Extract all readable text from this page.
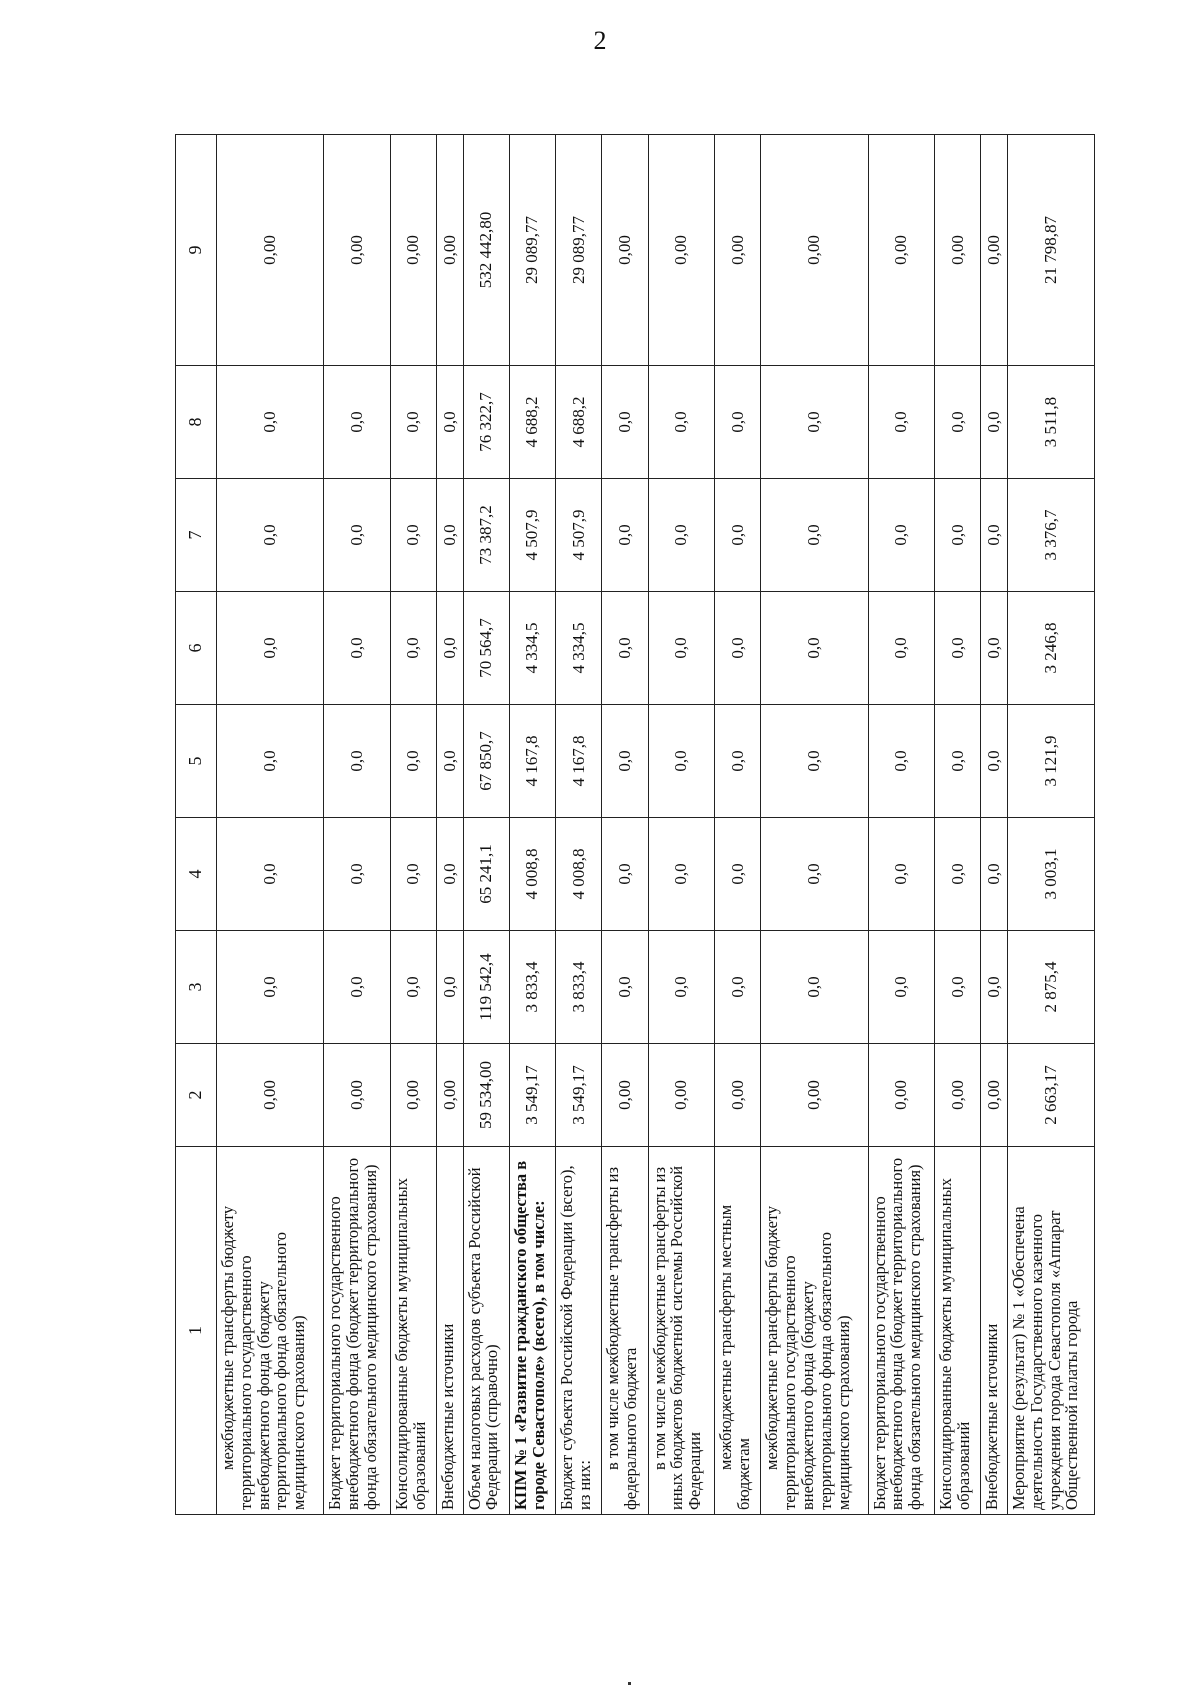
2
1	2	3	4	5	6	7	8	9
межбюджетные трансферты бюджету территориального государственного внебюджетного фонда (бюджету территориального фонда обязательного медицинского страхования)	0,00	0,0	0,0	0,0	0,0	0,0	0,0	0,00
Бюджет территориального государственного внебюджетного фонда (бюджет территориального фонда обязательного медицинского страхования)	0,00	0,0	0,0	0,0	0,0	0,0	0,0	0,00
Консолидированные бюджеты муниципальных образований	0,00	0,0	0,0	0,0	0,0	0,0	0,0	0,00
Внебюджетные источники	0,00	0,0	0,0	0,0	0,0	0,0	0,0	0,00
Объем налоговых расходов субъекта Российской Федерации (справочно)	59 534,00	119 542,4	65 241,1	67 850,7	70 564,7	73 387,2	76 322,7	532 442,80
КПМ № 1 «Развитие гражданского общества в городе Севастополе» (всего), в том числе:	3 549,17	3 833,4	4 008,8	4 167,8	4 334,5	4 507,9	4 688,2	29 089,77
Бюджет субъекта Российской Федерации (всего), из них:	3 549,17	3 833,4	4 008,8	4 167,8	4 334,5	4 507,9	4 688,2	29 089,77
в том числе межбюджетные трансферты из федерального бюджета	0,00	0,0	0,0	0,0	0,0	0,0	0,0	0,00
в том числе межбюджетные трансферты из иных бюджетов бюджетной системы Российской Федерации	0,00	0,0	0,0	0,0	0,0	0,0	0,0	0,00
межбюджетные трансферты местным бюджетам	0,00	0,0	0,0	0,0	0,0	0,0	0,0	0,00
межбюджетные трансферты бюджету территориального государственного внебюджетного фонда (бюджету территориального фонда обязательного медицинского страхования)	0,00	0,0	0,0	0,0	0,0	0,0	0,0	0,00
Бюджет территориального государственного внебюджетного фонда (бюджет территориального фонда обязательного медицинского страхования)	0,00	0,0	0,0	0,0	0,0	0,0	0,0	0,00
Консолидированные бюджеты муниципальных образований	0,00	0,0	0,0	0,0	0,0	0,0	0,0	0,00
Внебюджетные источники	0,00	0,0	0,0	0,0	0,0	0,0	0,0	0,00
Мероприятие (результат) № 1 «Обеспечена деятельность Государственного казенного учреждения города Севастополя «Аппарат Общественной палаты города	2 663,17	2 875,4	3 003,1	3 121,9	3 246,8	3 376,7	3 511,8	21 798,87
